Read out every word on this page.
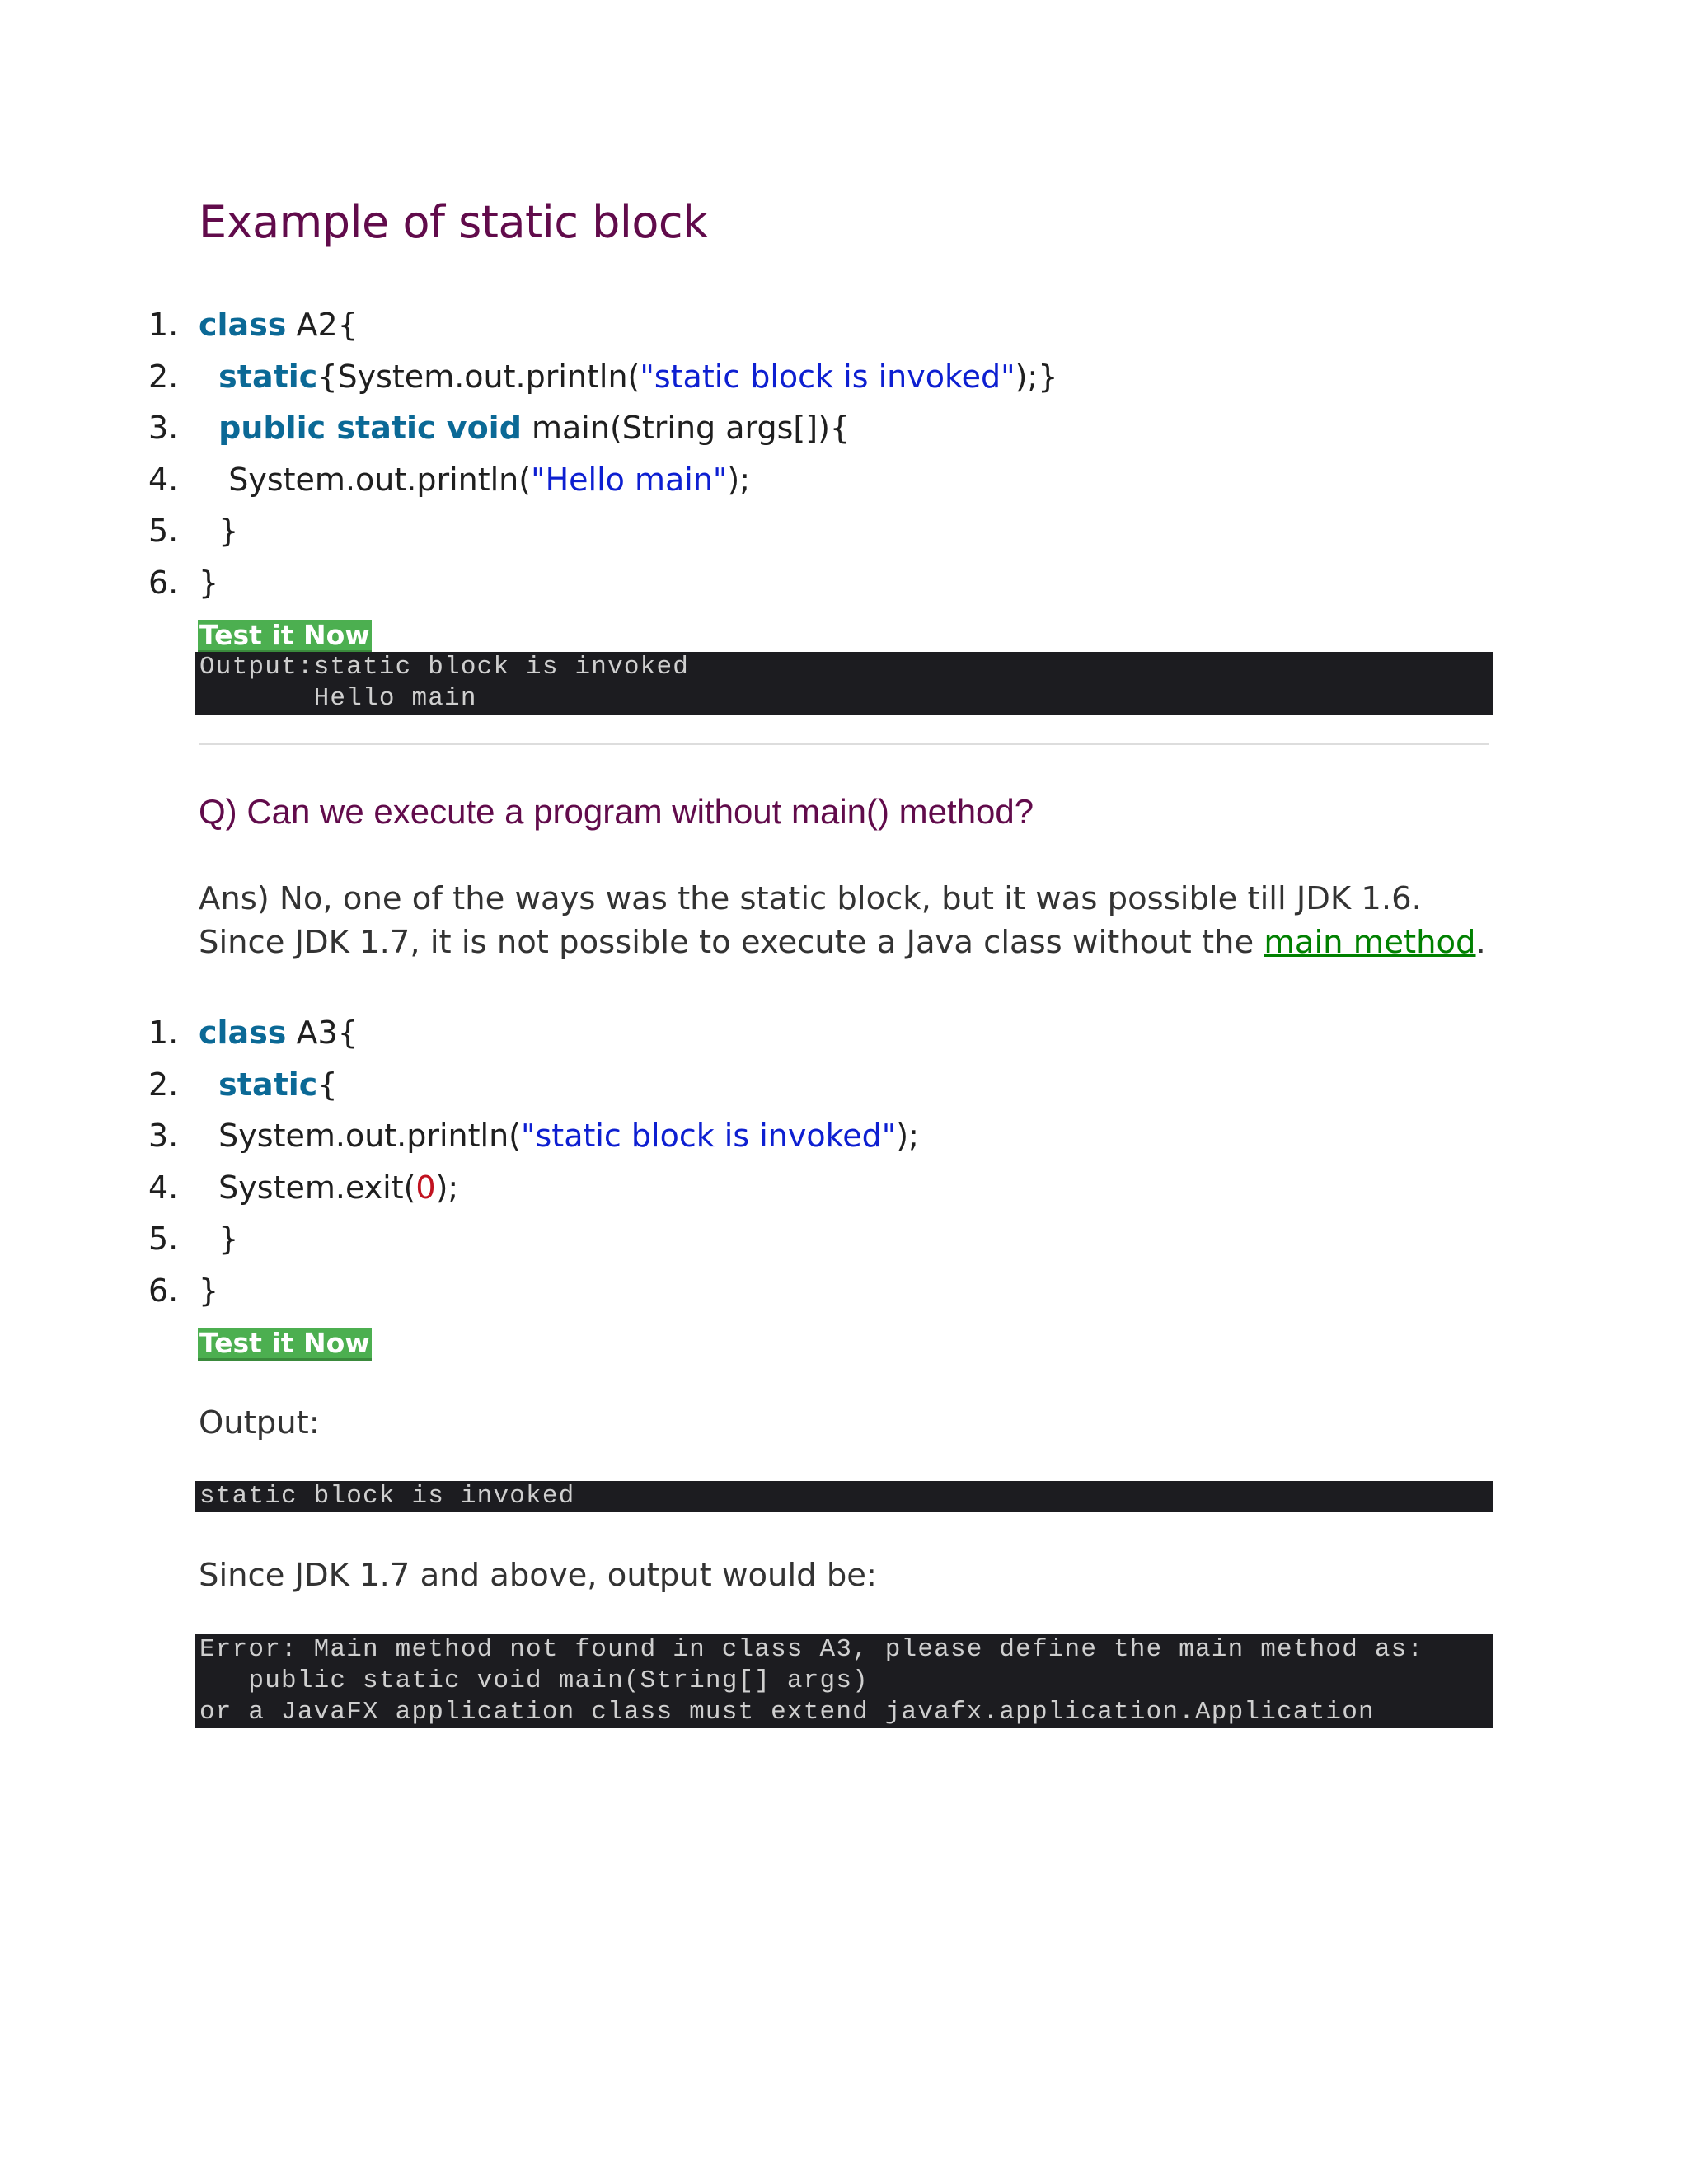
Example of static block
1. class A2{
2.	static{System.out.println("static block is invoked");}
3.	public static void main(String args[]){
4. System.out.println("Hello main");
5. }
6. }
Test it Now
Output:static block is invoked
Hello main
Q) Can we execute a program without main() method?

Ans) No, one of the ways was the static block, but it was possible till JDK 1.6. Since JDK 1.7, it is not possible to execute a Java class without the main method.

1. class A3{
2.	static{
3. System.out.println("static block is invoked");
4. System.exit(0);
5. }
6. }
Test it Now

Output:

static block is invoked

Since JDK 1.7 and above, output would be:

Error: Main method not found in class A3, please define the main method as:
public static void main(String[] args)
or a JavaFX application class must extend javafx.application.Application
